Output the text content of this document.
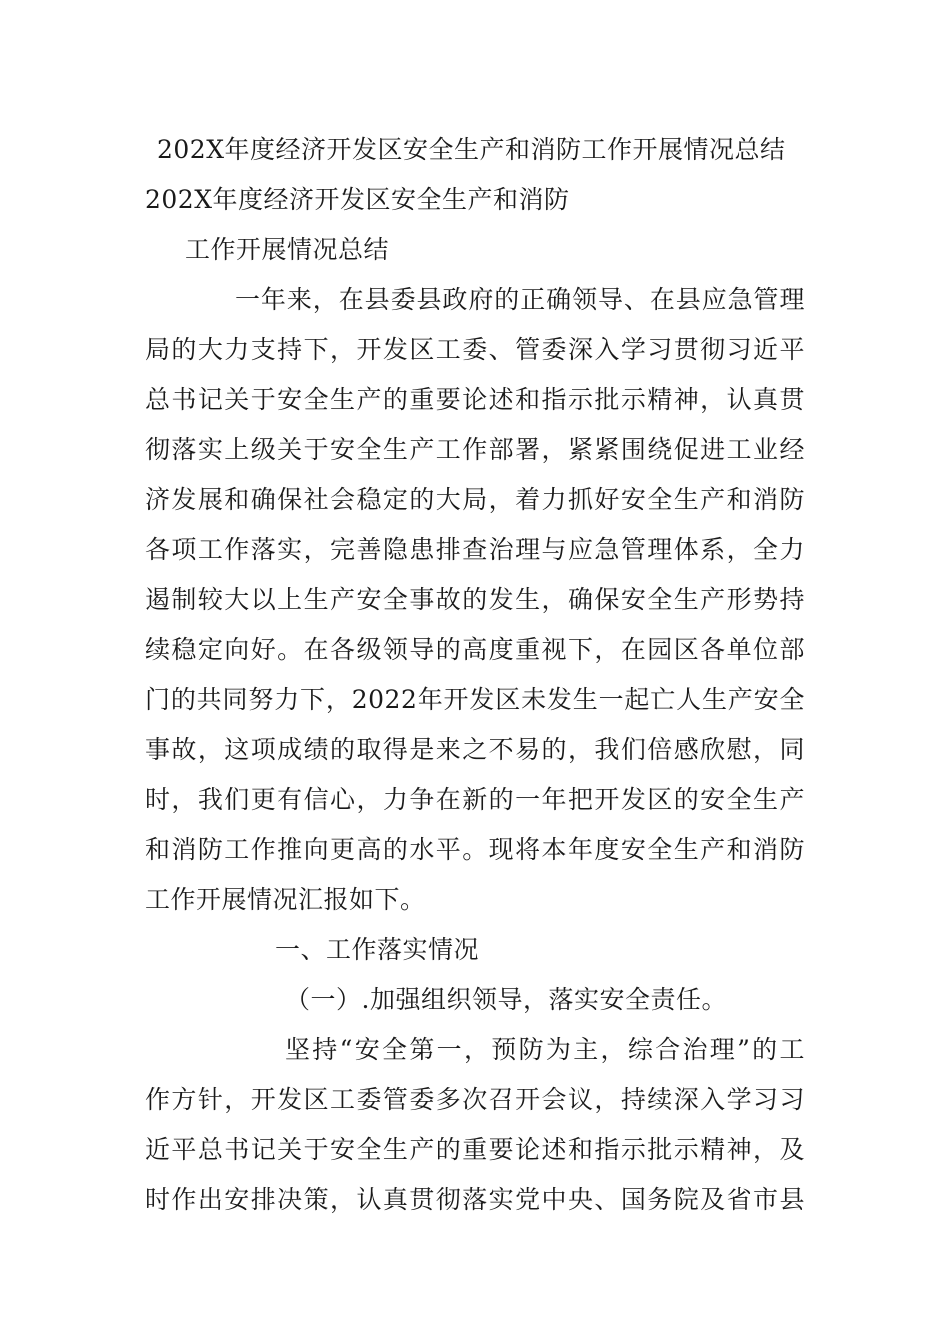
202X年度经济开发区安全生产和消防工作开展情况总结
202X年度经济开发区安全生产和消防
工作开展情况总结
一年来，在县委县政府的正确领导、在县应急管理
局的大力支持下，开发区工委、管委深入学习贯彻习近平
总书记关于安全生产的重要论述和指示批示精神，认真贯
彻落实上级关于安全生产工作部署，紧紧围绕促进工业经
济发展和确保社会稳定的大局，着力抓好安全生产和消防
各项工作落实，完善隐患排查治理与应急管理体系，全力
遏制较大以上生产安全事故的发生，确保安全生产形势持
续稳定向好。在各级领导的高度重视下，在园区各单位部
门的共同努力下，2022年开发区未发生一起亡人生产安全
事故，这项成绩的取得是来之不易的，我们倍感欣慰，同
时，我们更有信心，力争在新的一年把开发区的安全生产
和消防工作推向更高的水平。现将本年度安全生产和消防
工作开展情况汇报如下。
一、工作落实情况
（一）.加强组织领导，落实安全责任。
坚持“安全第一，预防为主，综合治理”的工
作方针，开发区工委管委多次召开会议，持续深入学习习
近平总书记关于安全生产的重要论述和指示批示精神，及
时作出安排决策，认真贯彻落实党中央、国务院及省市县
